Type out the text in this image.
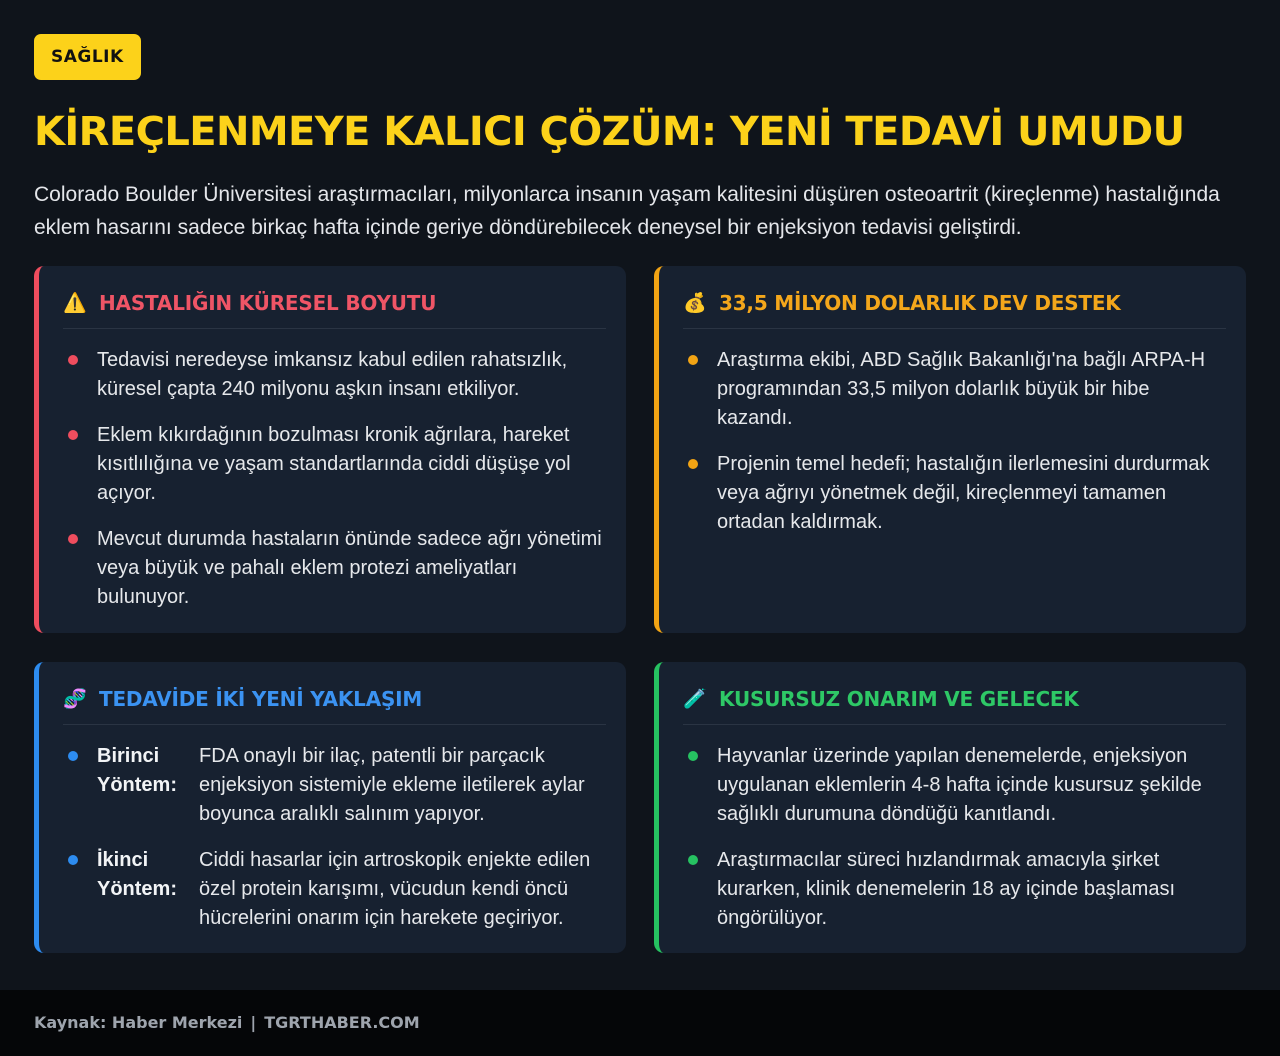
SAĞLIK
KİREÇLENMEYE KALICI ÇÖZÜM: YENİ TEDAVİ UMUDU

Colorado Boulder Üniversitesi araştırmacıları, milyonlarca insanın yaşam kalitesini düşüren osteoartrit (kireçlenme) hastalığında eklem hasarını sadece birkaç hafta içinde geriye döndürebilecek deneysel bir enjeksiyon tedavisi geliştirdi.

⚠️ HASTALIĞIN KÜRESEL BOYUTU
Tedavisi neredeyse imkansız kabul edilen rahatsızlık, küresel çapta 240 milyonu aşkın insanı etkiliyor.
Eklem kıkırdağının bozulması kronik ağrılara, hareket kısıtlılığına ve yaşam standartlarında ciddi düşüşe yol açıyor.
Mevcut durumda hastaların önünde sadece ağrı yönetimi veya büyük ve pahalı eklem protezi ameliyatları bulunuyor.
💰 33,5 MİLYON DOLARLIK DEV DESTEK
Araştırma ekibi, ABD Sağlık Bakanlığı'na bağlı ARPA-H programından 33,5 milyon dolarlık büyük bir hibe kazandı.
Projenin temel hedefi; hastalığın ilerlemesini durdurmak veya ağrıyı yönetmek değil, kireçlenmeyi tamamen ortadan kaldırmak.
🧬 TEDAVİDE İKİ YENİ YAKLAŞIM
Birinci Yöntem:
FDA onaylı bir ilaç, patentli bir parçacık enjeksiyon sistemiyle ekleme iletilerek aylar boyunca aralıklı salınım yapıyor.
İkinci Yöntem:
Ciddi hasarlar için artroskopik enjekte edilen özel protein karışımı, vücudun kendi öncü hücrelerini onarım için harekete geçiriyor.
🧪 KUSURSUZ ONARIM VE GELECEK
Hayvanlar üzerinde yapılan denemelerde, enjeksiyon uygulanan eklemlerin 4-8 hafta içinde kusursuz şekilde sağlıklı durumuna döndüğü kanıtlandı.
Araştırmacılar süreci hızlandırmak amacıyla şirket kurarken, klinik denemelerin 18 ay içinde başlaması öngörülüyor.
Kaynak: Haber Merkezi | TGRTHABER.COM
